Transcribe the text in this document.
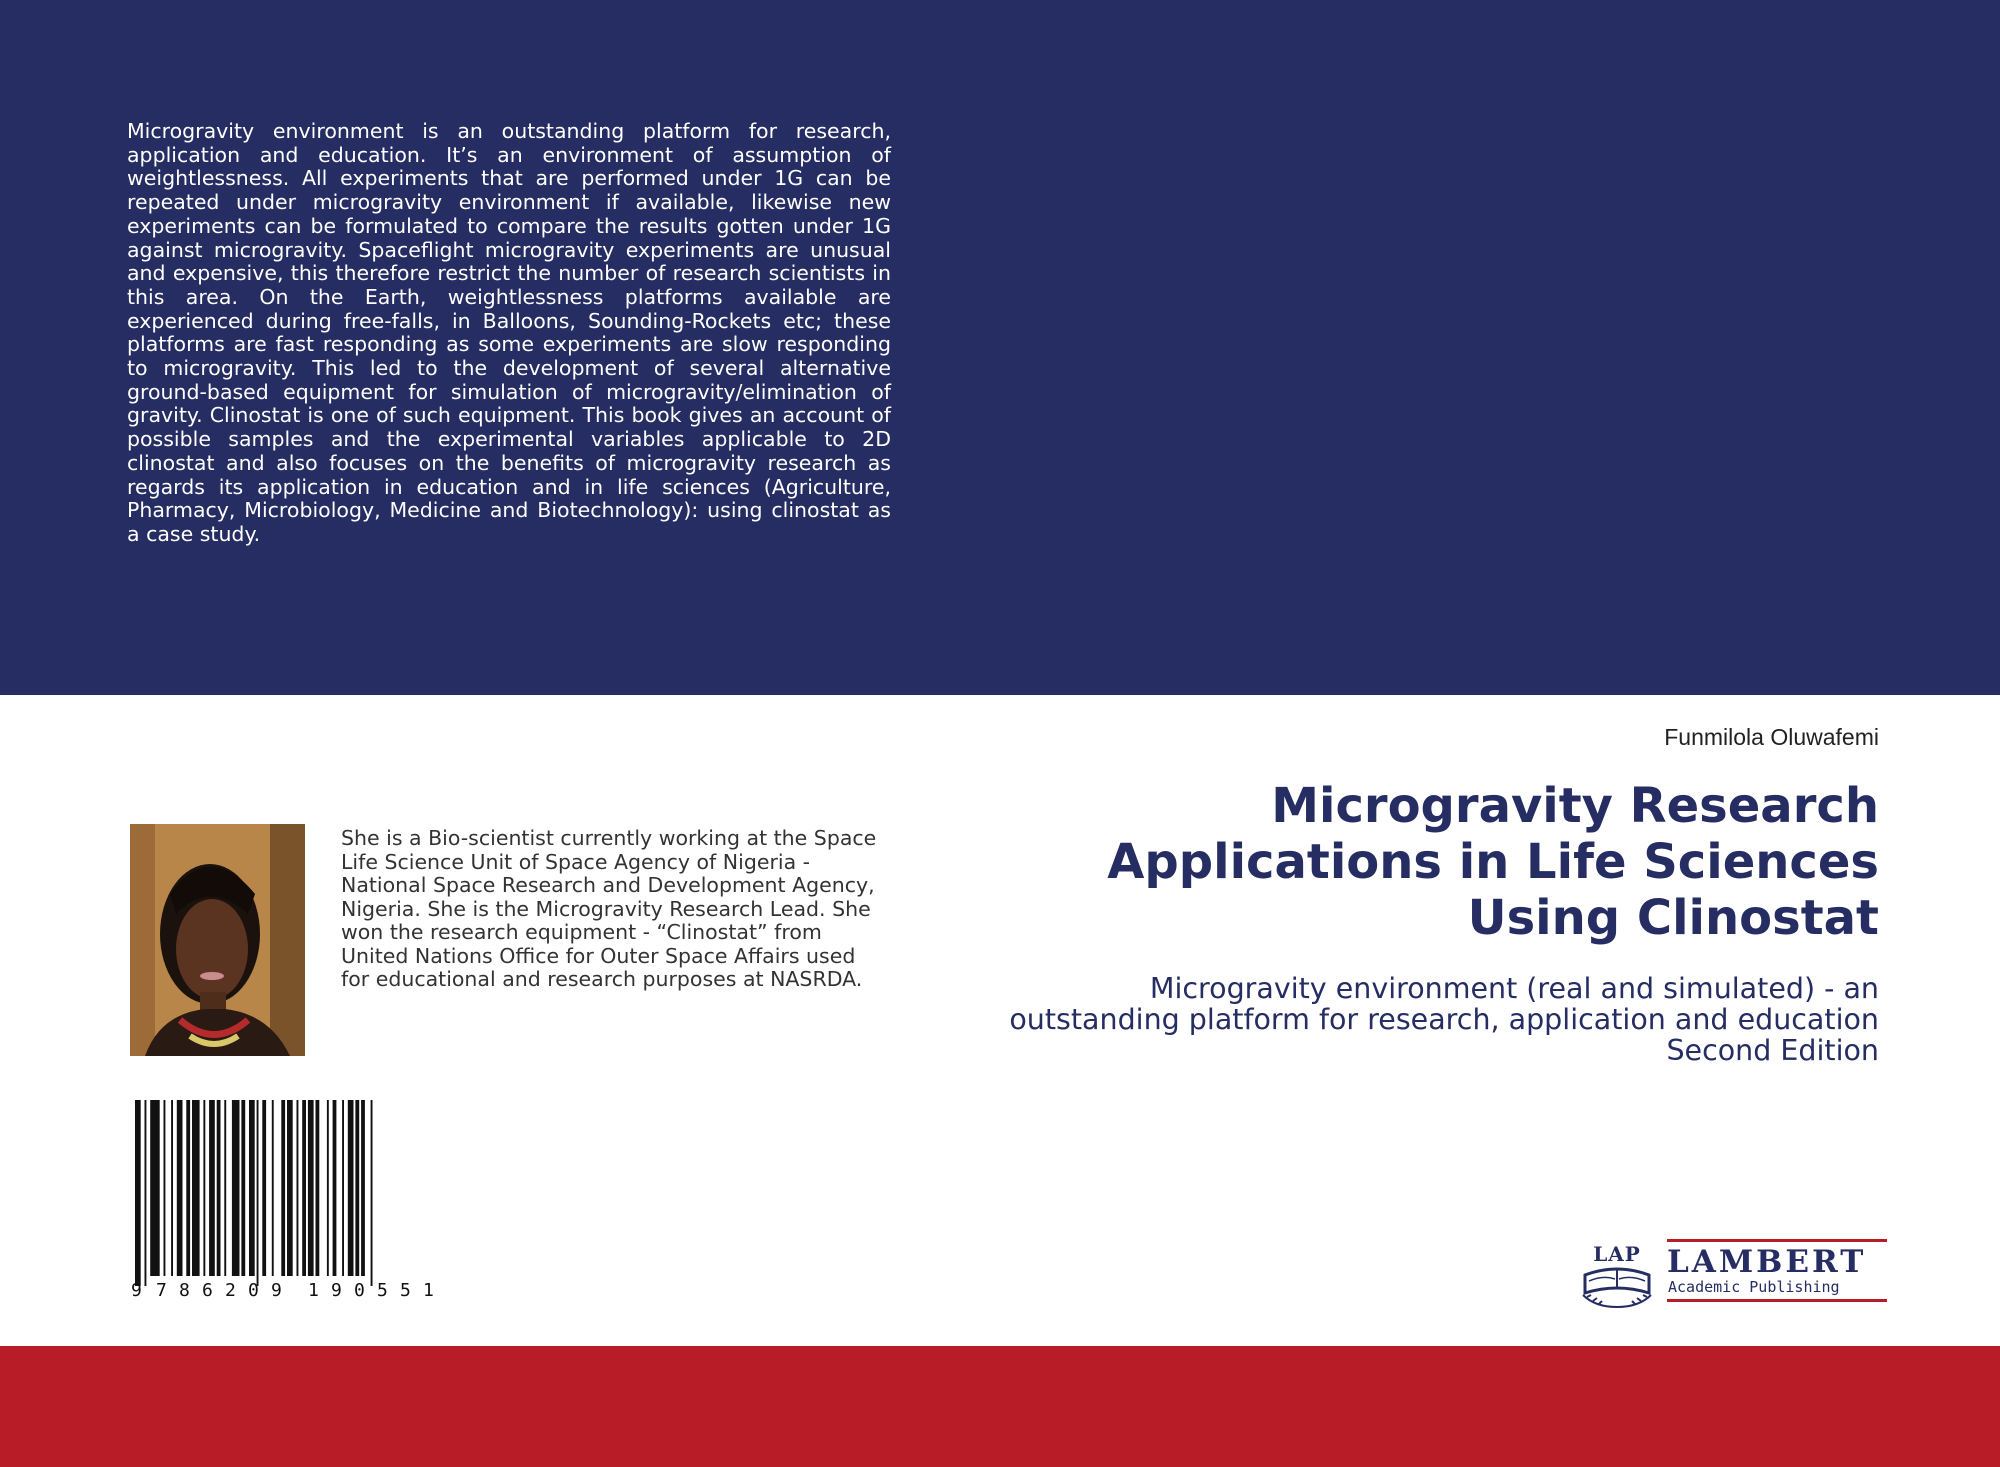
Microgravity environment is an outstanding platform for research, application and education. It’s an environment of assumption of weightlessness. All experiments that are performed under 1G can be repeated under microgravity environment if available, likewise new experiments can be formulated to compare the results gotten under 1G against microgravity. Spaceflight microgravity experiments are unusual and expensive, this therefore restrict the number of research scientists in this area. On the Earth, weightlessness platforms available are experienced during free-falls, in Balloons, Sounding-Rockets etc; these platforms are fast responding as some experiments are slow responding to microgravity. This led to the development of several alternative ground-based equipment for simulation of microgravity/elimination of gravity. Clinostat is one of such equipment. This book gives an account of possible samples and the experimental variables applicable to 2D clinostat and also focuses on the benefits of microgravity research as regards its application in education and in life sciences (Agriculture, Pharmacy, Microbiology, Medicine and Biotechnology): using clinostat as a case study.

Funmilola Oluwafemi

Microgravity Research Applications in Life Sciences Using Clinostat

Microgravity environment (real and simulated) - an outstanding platform for research, application and education Second Edition

She is a Bio-scientist currently working at the Space Life Science Unit of Space Agency of Nigeria - National Space Research and Development Agency, Nigeria. She is the Microgravity Research Lead. She won the research equipment - “Clinostat” from United Nations Office for Outer Space Affairs used for educational and research purposes at NASRDA.

9 7 8 6 2 0 9 1 9 0 5 5 1
LAP LAMBERT

Academic Publishing
